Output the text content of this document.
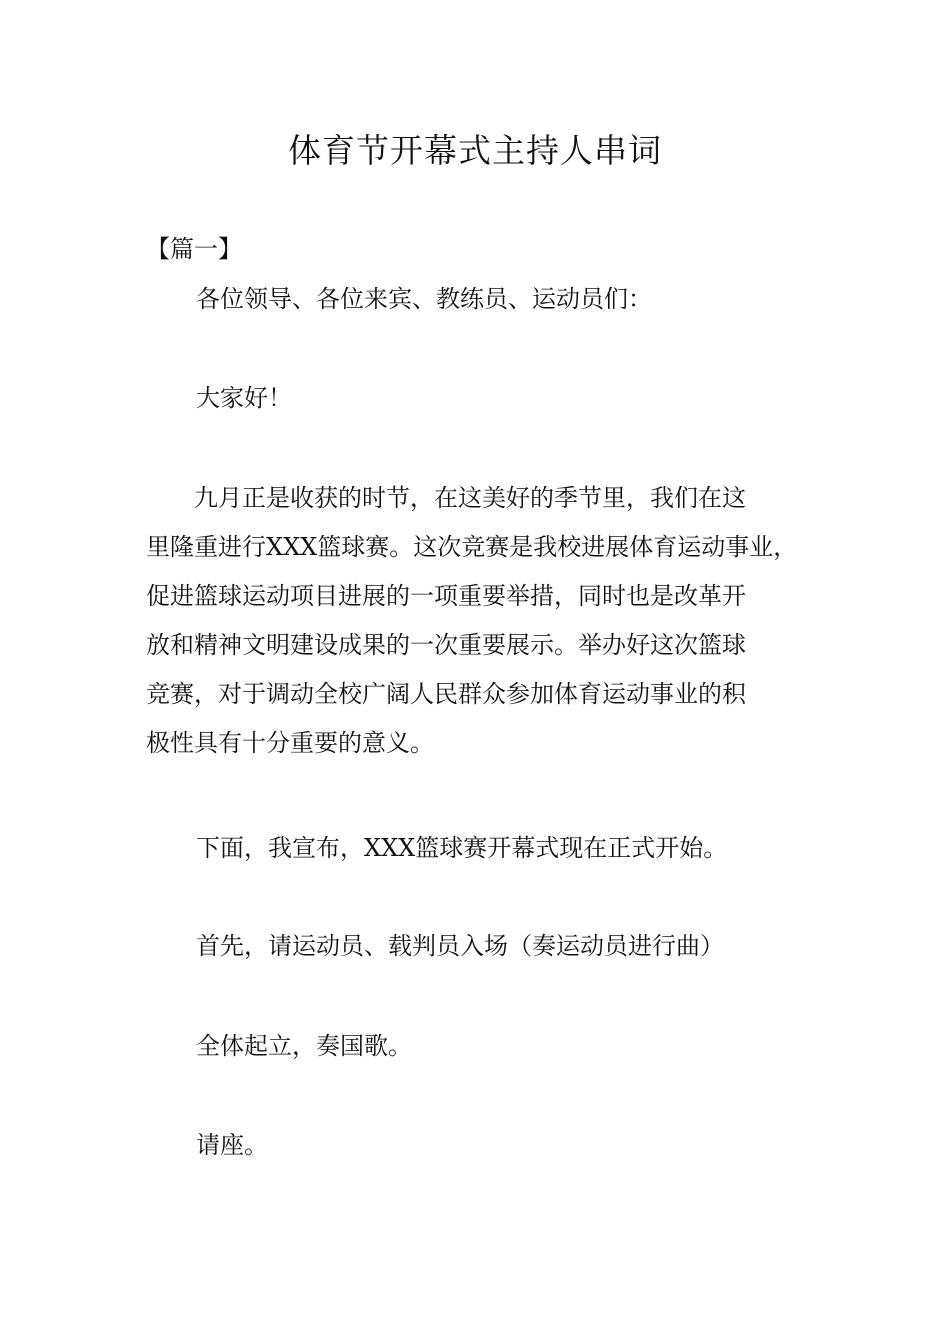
体育节开幕式主持人串词
【篇一】
各位领导、各位来宾、教练员、运动员们：
大家好！
　　九月正是收获的时节，在这美好的季节里，我们在这
里隆重进行XXX篮球赛。这次竞赛是我校进展体育运动事业，
促进篮球运动项目进展的一项重要举措，同时也是改革开
放和精神文明建设成果的一次重要展示。举办好这次篮球
竞赛，对于调动全校广阔人民群众参加体育运动事业的积
极性具有十分重要的意义。
下面，我宣布，XXX篮球赛开幕式现在正式开始。
首先，请运动员、载判员入场（奏运动员进行曲）
全体起立，奏国歌。
请座。
